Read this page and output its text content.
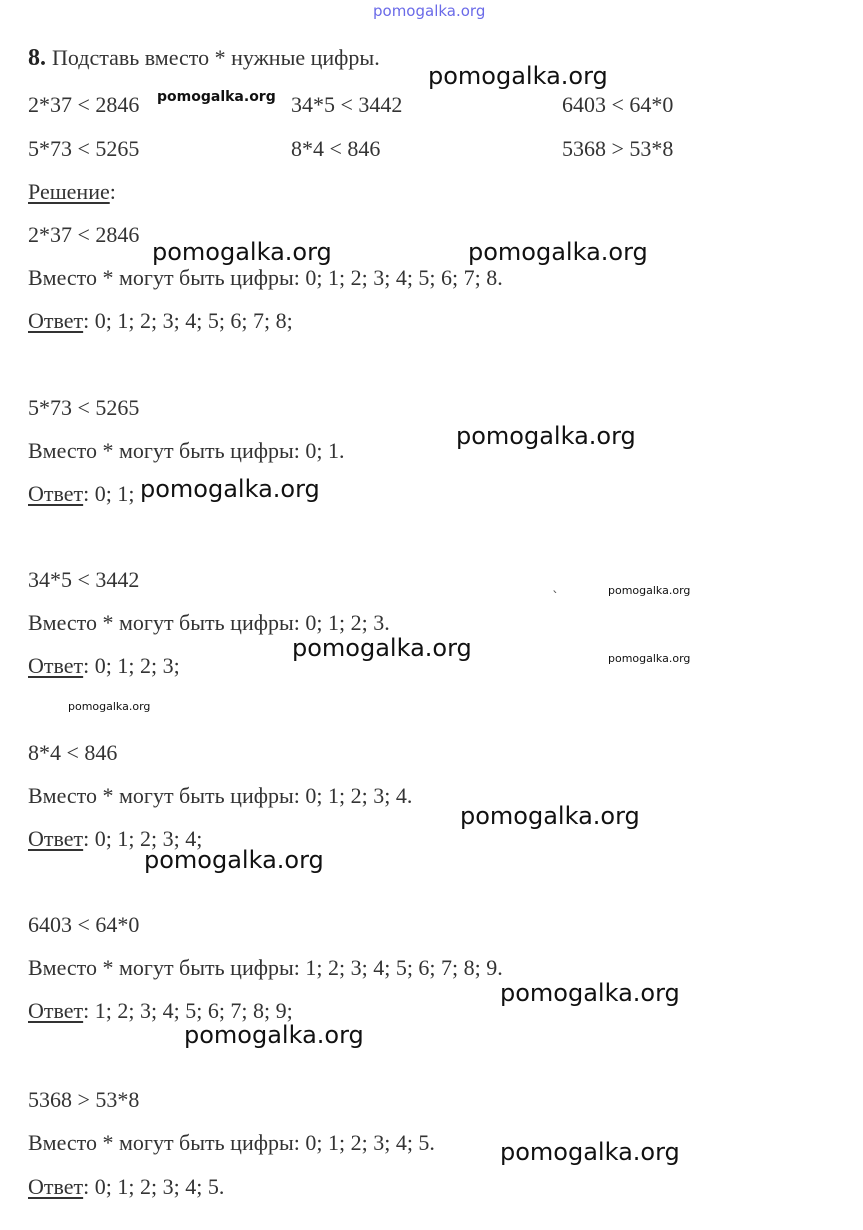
pomogalka.org
8. Подставь вместо * нужные цифры.
2*37 < 2846	34*5 < 3442	6403 < 64*0
5*73 < 5265	8*4 < 846	5368 > 53*8
Решение:
2*37 < 2846
Вместо * могут быть цифры: 0; 1; 2; 3; 4; 5; 6; 7; 8.
Ответ: 0; 1; 2; 3; 4; 5; 6; 7; 8;
5*73 < 5265
Вместо * могут быть цифры: 0; 1.
Ответ: 0; 1;
34*5 < 3442
Вместо * могут быть цифры: 0; 1; 2; 3.
Ответ: 0; 1; 2; 3;
8*4 < 846
Вместо * могут быть цифры: 0; 1; 2; 3; 4.
Ответ: 0; 1; 2; 3; 4;
6403 < 64*0
Вместо * могут быть цифры: 1; 2; 3; 4; 5; 6; 7; 8; 9.
Ответ: 1; 2; 3; 4; 5; 6; 7; 8; 9;
5368 > 53*8
Вместо * могут быть цифры: 0; 1; 2; 3; 4; 5.
Ответ: 0; 1; 2; 3; 4; 5.
pomogalka.org
pomogalka.org
pomogalka.org	pomogalka.org
pomogalka.org
pomogalka.org
pomogalka.org
pomogalka.org	pomogalka.org
pomogalka.org
pomogalka.org
pomogalka.org
pomogalka.org
pomogalka.org
pomogalka.org
`
